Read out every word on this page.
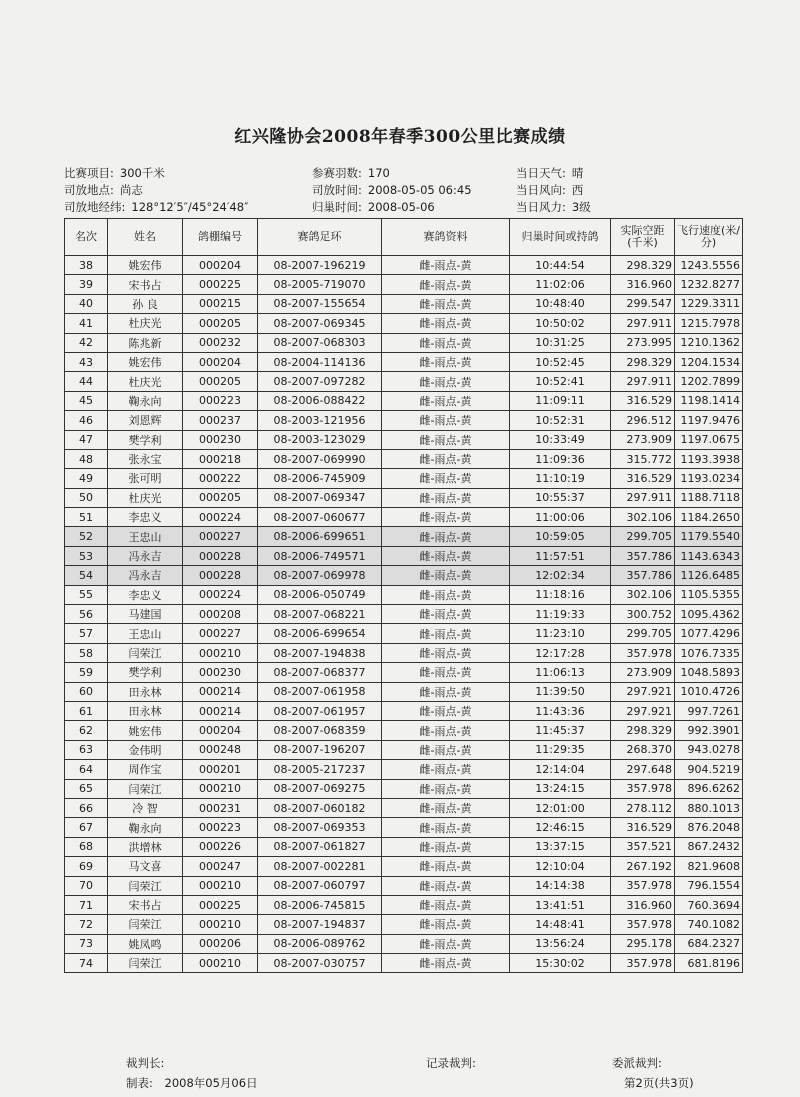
红兴隆协会2008年春季300公里比赛成绩
比赛项目: 300千米
司放地点: 尚志
司放地经纬: 128°12′5″/45°24′48″
参赛羽数: 170
司放时间: 2008-05-05 06:45
归巢时间: 2008-05-06
当日天气: 晴
当日风向: 西
当日风力: 3级
名次	姓名	鸽棚编号	赛鸽足环	赛鸽资料	归巢时间或持鸽	实际空距(千米)	飞行速度(米/分)
38	姚宏伟	000204	08-2007-196219	雌-雨点-黄	10:44:54	298.329	1243.5556
39	宋书占	000225	08-2005-719070	雌-雨点-黄	11:02:06	316.960	1232.8277
40	孙 良	000215	08-2007-155654	雌-雨点-黄	10:48:40	299.547	1229.3311
41	杜庆光	000205	08-2007-069345	雌-雨点-黄	10:50:02	297.911	1215.7978
42	陈兆新	000232	08-2007-068303	雌-雨点-黄	10:31:25	273.995	1210.1362
43	姚宏伟	000204	08-2004-114136	雌-雨点-黄	10:52:45	298.329	1204.1534
44	杜庆光	000205	08-2007-097282	雌-雨点-黄	10:52:41	297.911	1202.7899
45	鞠永向	000223	08-2006-088422	雌-雨点-黄	11:09:11	316.529	1198.1414
46	刘恩辉	000237	08-2003-121956	雌-雨点-黄	10:52:31	296.512	1197.9476
47	樊学利	000230	08-2003-123029	雌-雨点-黄	10:33:49	273.909	1197.0675
48	张永宝	000218	08-2007-069990	雌-雨点-黄	11:09:36	315.772	1193.3938
49	张可明	000222	08-2006-745909	雌-雨点-黄	11:10:19	316.529	1193.0234
50	杜庆光	000205	08-2007-069347	雌-雨点-黄	10:55:37	297.911	1188.7118
51	李忠义	000224	08-2007-060677	雌-雨点-黄	11:00:06	302.106	1184.2650
52	王忠山	000227	08-2006-699651	雌-雨点-黄	10:59:05	299.705	1179.5540
53	冯永吉	000228	08-2006-749571	雌-雨点-黄	11:57:51	357.786	1143.6343
54	冯永吉	000228	08-2007-069978	雌-雨点-黄	12:02:34	357.786	1126.6485
55	李忠义	000224	08-2006-050749	雌-雨点-黄	11:18:16	302.106	1105.5355
56	马建国	000208	08-2007-068221	雌-雨点-黄	11:19:33	300.752	1095.4362
57	王忠山	000227	08-2006-699654	雌-雨点-黄	11:23:10	299.705	1077.4296
58	闫荣江	000210	08-2007-194838	雌-雨点-黄	12:17:28	357.978	1076.7335
59	樊学利	000230	08-2007-068377	雌-雨点-黄	11:06:13	273.909	1048.5893
60	田永林	000214	08-2007-061958	雌-雨点-黄	11:39:50	297.921	1010.4726
61	田永林	000214	08-2007-061957	雌-雨点-黄	11:43:36	297.921	997.7261
62	姚宏伟	000204	08-2007-068359	雌-雨点-黄	11:45:37	298.329	992.3901
63	金伟明	000248	08-2007-196207	雌-雨点-黄	11:29:35	268.370	943.0278
64	周作宝	000201	08-2005-217237	雌-雨点-黄	12:14:04	297.648	904.5219
65	闫荣江	000210	08-2007-069275	雌-雨点-黄	13:24:15	357.978	896.6262
66	冷 智	000231	08-2007-060182	雌-雨点-黄	12:01:00	278.112	880.1013
67	鞠永向	000223	08-2007-069353	雌-雨点-黄	12:46:15	316.529	876.2048
68	洪增林	000226	08-2007-061827	雌-雨点-黄	13:37:15	357.521	867.2432
69	马文喜	000247	08-2007-002281	雌-雨点-黄	12:10:04	267.192	821.9608
70	闫荣江	000210	08-2007-060797	雌-雨点-黄	14:14:38	357.978	796.1554
71	宋书占	000225	08-2006-745815	雌-雨点-黄	13:41:51	316.960	760.3694
72	闫荣江	000210	08-2007-194837	雌-雨点-黄	14:48:41	357.978	740.1082
73	姚凤鸣	000206	08-2006-089762	雌-雨点-黄	13:56:24	295.178	684.2327
74	闫荣江	000210	08-2007-030757	雌-雨点-黄	15:30:02	357.978	681.8196
裁判长:	记录裁判:	委派裁判:
制表: 2008年05月06日	第2页(共3页)
